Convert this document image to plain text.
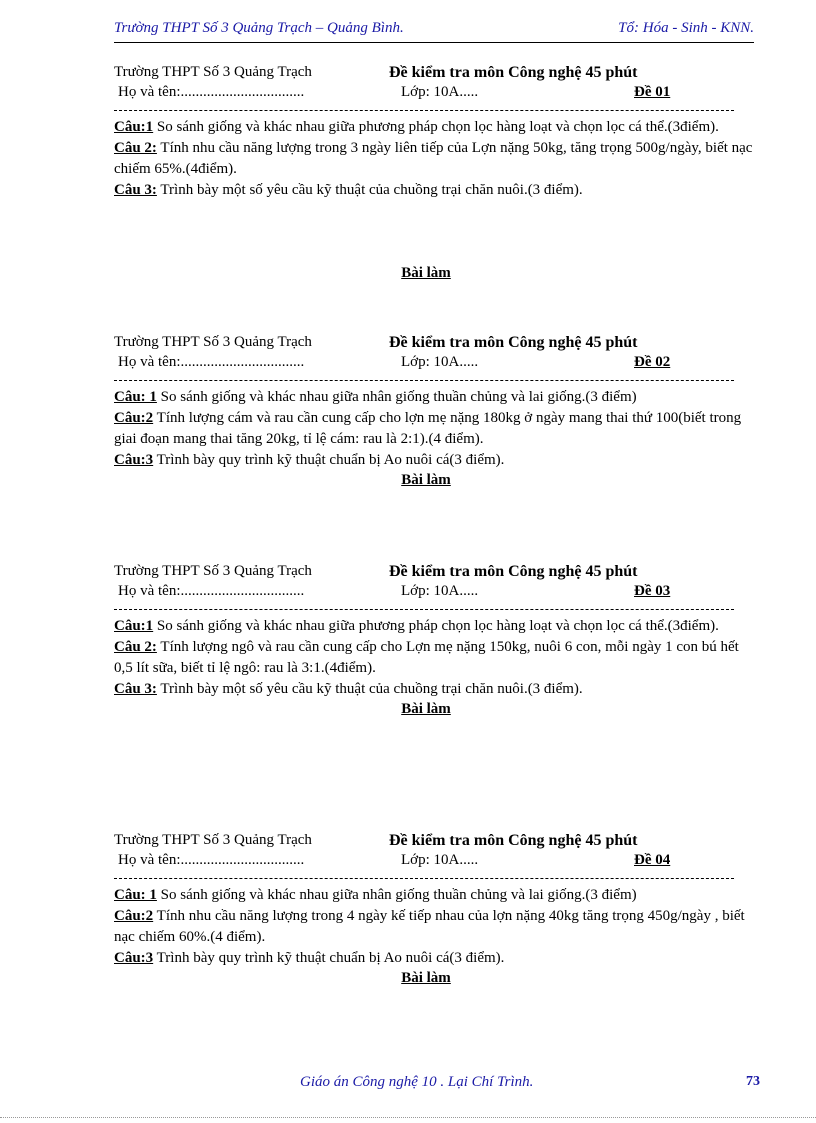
Trường THPT Số 3 Quảng Trạch – Quảng Bình.	Tổ: Hóa - Sinh - KNN.
Trường THPT Số 3 Quảng Trạch	Đề kiểm tra môn Công nghệ 45 phút
Họ và tên:.................................	Lớp: 10A.....	Đề 01

Câu:1 So sánh giống và khác nhau giữa phương pháp chọn lọc hàng loạt và chọn lọc cá thể.(3điểm).

Câu 2: Tính nhu cầu năng lượng trong 3 ngày liên tiếp của Lợn nặng 50kg, tăng trọng 500g/ngày, biết nạc chiếm 65%.(4điểm).

Câu 3: Trình bày một số yêu cầu kỹ thuật của chuồng trại chăn nuôi.(3 điểm).

Bài làm
Trường THPT Số 3 Quảng Trạch	Đề kiểm tra môn Công nghệ 45 phút
Họ và tên:.................................	Lớp: 10A.....	Đề 02

Câu: 1 So sánh giống và khác nhau giữa nhân giống thuần chủng và lai giống.(3 điểm)

Câu:2 Tính lượng cám và rau cần cung cấp cho lợn mẹ nặng 180kg ở ngày mang thai thứ 100(biết trong giai đoạn mang thai tăng 20kg, tỉ lệ cám: rau là 2:1).(4 điểm).

Câu:3 Trình bày quy trình kỹ thuật chuẩn bị Ao nuôi cá(3 điểm).

Bài làm
Trường THPT Số 3 Quảng Trạch	Đề kiểm tra môn Công nghệ 45 phút
Họ và tên:.................................	Lớp: 10A.....	Đề 03

Câu:1 So sánh giống và khác nhau giữa phương pháp chọn lọc hàng loạt và chọn lọc cá thể.(3điểm).

Câu 2: Tính lượng ngô và rau cần cung cấp cho Lợn mẹ nặng 150kg, nuôi 6 con, mỗi ngày 1 con bú hết 0,5 lít sữa, biết tỉ lệ ngô: rau là 3:1.(4điểm).

Câu 3: Trình bày một số yêu cầu kỹ thuật của chuồng trại chăn nuôi.(3 điểm).

Bài làm
Trường THPT Số 3 Quảng Trạch	Đề kiểm tra môn Công nghệ 45 phút
Họ và tên:.................................	Lớp: 10A.....	Đề 04

Câu: 1 So sánh giống và khác nhau giữa nhân giống thuần chủng và lai giống.(3 điểm)

Câu:2 Tính nhu cầu năng lượng trong 4 ngày kế tiếp nhau của lợn nặng 40kg tăng trọng 450g/ngày , biết nạc chiếm 60%.(4 điểm).

Câu:3 Trình bày quy trình kỹ thuật chuẩn bị Ao nuôi cá(3 điểm).

Bài làm
Giáo án Công nghệ 10 . Lại Chí Trình.	73
